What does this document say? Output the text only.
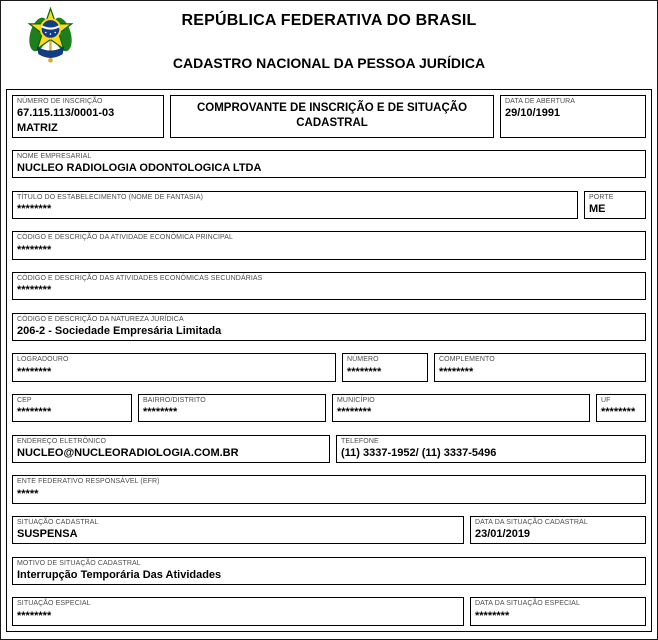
REPÚBLICA FEDERATIVA DO BRASIL
CADASTRO NACIONAL DA PESSOA JURÍDICA
NÚMERO DE INSCRIÇÃO
67.115.113/0001-03
MATRIZ
COMPROVANTE DE INSCRIÇÃO E DE SITUAÇÃO CADASTRAL
DATA DE ABERTURA
29/10/1991
NOME EMPRESARIAL
NUCLEO RADIOLOGIA ODONTOLOGICA LTDA
TÍTULO DO ESTABELECIMENTO (NOME DE FANTASIA)
********
PORTE
ME
CÓDIGO E DESCRIÇÃO DA ATIVIDADE ECONÔMICA PRINCIPAL
********
CÓDIGO E DESCRIÇÃO DAS ATIVIDADES ECONÔMICAS SECUNDÁRIAS
********
CÓDIGO E DESCRIÇÃO DA NATUREZA JURÍDICA
206-2 - Sociedade Empresária Limitada
LOGRADOURO
********
NÚMERO
********
COMPLEMENTO
********
CEP
********
BAIRRO/DISTRITO
********
MUNICÍPIO
********
UF
********
ENDEREÇO ELETRÔNICO
NUCLEO@NUCLEORADIOLOGIA.COM.BR
TELEFONE
(11) 3337-1952/ (11) 3337-5496
ENTE FEDERATIVO RESPONSÁVEL (EFR)
*****
SITUAÇÃO CADASTRAL
SUSPENSA
DATA DA SITUAÇÃO CADASTRAL
23/01/2019
MOTIVO DE SITUAÇÃO CADASTRAL
Interrupção Temporária Das Atividades
SITUAÇÃO ESPECIAL
********
DATA DA SITUAÇÃO ESPECIAL
********
